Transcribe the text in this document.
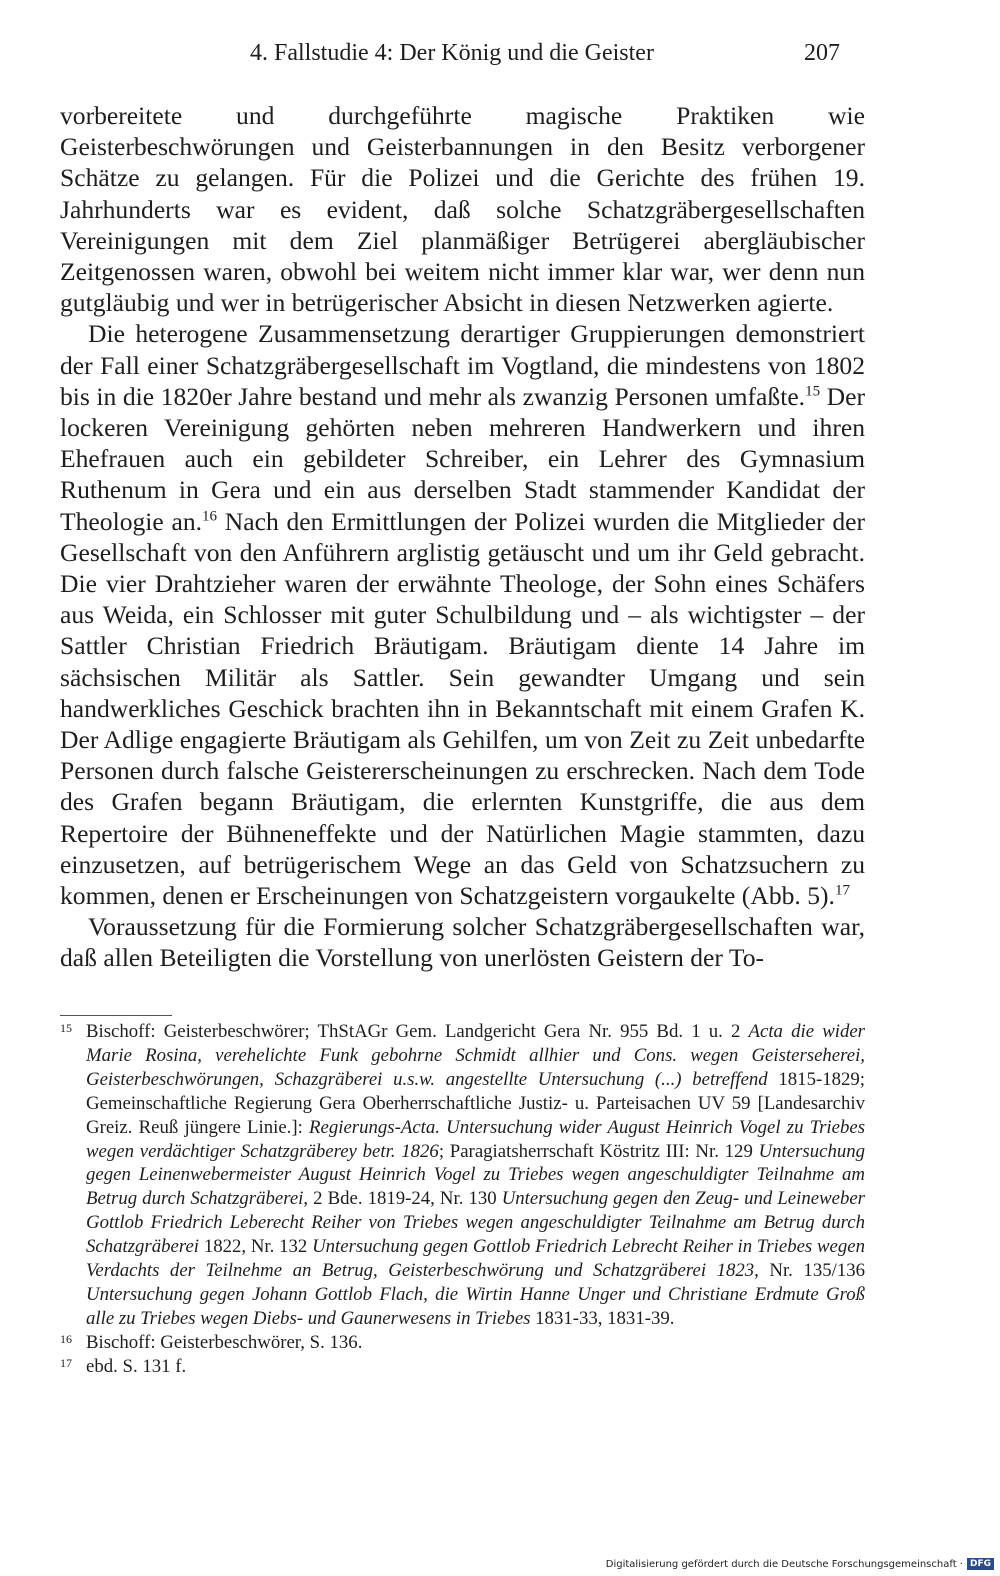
4. Fallstudie 4: Der König und die Geister	207

vorbereitete und durchgeführte magische Praktiken wie Geisterbeschwörungen und Geisterbannungen in den Besitz verborgener Schätze zu gelangen. Für die Polizei und die Gerichte des frühen 19. Jahrhunderts war es evident, daß solche Schatzgräbergesellschaften Vereinigungen mit dem Ziel planmäßiger Betrügerei abergläubischer Zeitgenossen waren, obwohl bei weitem nicht immer klar war, wer denn nun gutgläubig und wer in betrügerischer Absicht in diesen Netzwerken agierte.

Die heterogene Zusammensetzung derartiger Gruppierungen demonstriert der Fall einer Schatzgräbergesellschaft im Vogtland, die mindestens von 1802 bis in die 1820er Jahre bestand und mehr als zwanzig Personen umfaßte.$^{15}$ Der lockeren Vereinigung gehörten neben mehreren Handwerkern und ihren Ehefrauen auch ein gebildeter Schreiber, ein Lehrer des Gymnasium Ruthenum in Gera und ein aus derselben Stadt stammender Kandidat der Theologie an.$^{16}$ Nach den Ermittlungen der Polizei wurden die Mitglieder der Gesellschaft von den Anführern arglistig getäuscht und um ihr Geld gebracht. Die vier Drahtzieher waren der erwähnte Theologe, der Sohn eines Schäfers aus Weida, ein Schlosser mit guter Schulbildung und – als wichtigster – der Sattler Christian Friedrich Bräutigam. Bräutigam diente 14 Jahre im sächsischen Militär als Sattler. Sein gewandter Umgang und sein handwerkliches Geschick brachten ihn in Bekanntschaft mit einem Grafen K. Der Adlige engagierte Bräutigam als Gehilfen, um von Zeit zu Zeit unbedarfte Personen durch falsche Geistererscheinungen zu erschrecken. Nach dem Tode des Grafen begann Bräutigam, die erlernten Kunstgriffe, die aus dem Repertoire der Bühneneffekte und der Natürlichen Magie stammten, dazu einzusetzen, auf betrügerischem Wege an das Geld von Schatzsuchern zu kommen, denen er Erscheinungen von Schatzgeistern vorgaukelte (Abb. 5).$^{17}$

Voraussetzung für die Formierung solcher Schatzgräbergesellschaften war, daß allen Beteiligten die Vorstellung von unerlösten Geistern der To-

15 Bischoff: Geisterbeschwörer; ThStAGr Gem. Landgericht Gera Nr. 955 Bd. 1 u. 2 Acta die wider Marie Rosina, verehelichte Funk gebohrne Schmidt allhier und Cons. wegen Geisterseherei, Geisterbeschwörungen, Schazgräberei u.s.w. angestellte Untersuchung (...) betreffend 1815-1829; Gemeinschaftliche Regierung Gera Oberherrschaftliche Justiz- u. Parteisachen UV 59 [Landesarchiv Greiz. Reuß jüngere Linie.]: Regierungs-Acta. Untersuchung wider August Heinrich Vogel zu Triebes wegen verdächtiger Schatzgräberey betr. 1826; Paragiatsherrschaft Köstritz III: Nr. 129 Untersuchung gegen Leinenwebermeister August Heinrich Vogel zu Triebes wegen angeschuldigter Teilnahme am Betrug durch Schatzgräberei, 2 Bde. 1819-24, Nr. 130 Untersuchung gegen den Zeug- und Leineweber Gottlob Friedrich Leberecht Reiher von Triebes wegen angeschuldigter Teilnahme am Betrug durch Schatzgräberei 1822, Nr. 132 Untersuchung gegen Gottlob Friedrich Lebrecht Reiher in Triebes wegen Verdachts der Teilnehme an Betrug, Geisterbeschwörung und Schatzgräberei 1823, Nr. 135/136 Untersuchung gegen Johann Gottlob Flach, die Wirtin Hanne Unger und Christiane Erdmute Groß alle zu Triebes wegen Diebs- und Gaunerwesens in Triebes 1831-33, 1831-39.
16 Bischoff: Geisterbeschwörer, S. 136.
17 ebd. S. 131 f.
Digitalisierung gefördert durch die Deutsche Forschungsgemeinschaft · DFG
